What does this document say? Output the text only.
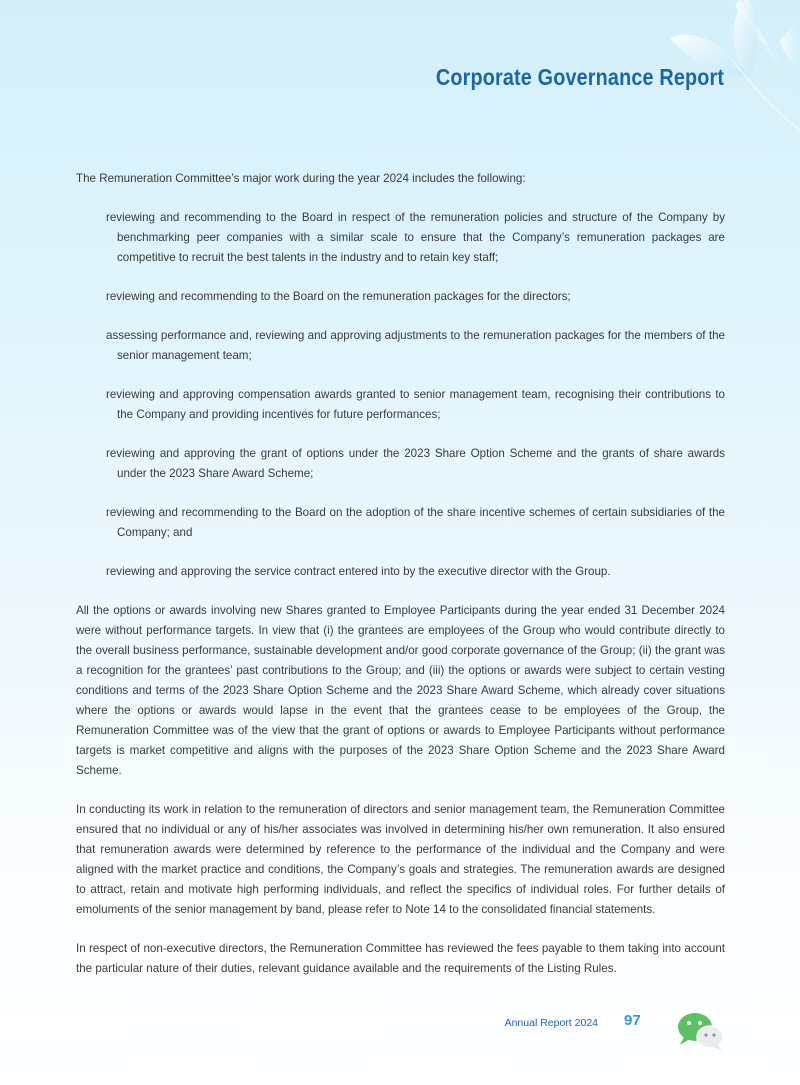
Corporate Governance Report

The Remuneration Committee’s major work during the year 2024 includes the following:

reviewing and recommending to the Board in respect of the remuneration policies and structure of the Company by benchmarking peer companies with a similar scale to ensure that the Company’s remuneration packages are competitive to recruit the best talents in the industry and to retain key staff;
reviewing and recommending to the Board on the remuneration packages for the directors;
assessing performance and, reviewing and approving adjustments to the remuneration packages for the members of the senior management team;
reviewing and approving compensation awards granted to senior management team, recognising their contributions to the Company and providing incentives for future performances;
reviewing and approving the grant of options under the 2023 Share Option Scheme and the grants of share awards under the 2023 Share Award Scheme;
reviewing and recommending to the Board on the adoption of the share incentive schemes of certain subsidiaries of the Company; and
reviewing and approving the service contract entered into by the executive director with the Group.

All the options or awards involving new Shares granted to Employee Participants during the year ended 31 December 2024 were without performance targets. In view that (i) the grantees are employees of the Group who would contribute directly to the overall business performance, sustainable development and/or good corporate governance of the Group; (ii) the grant was a recognition for the grantees’ past contributions to the Group; and (iii) the options or awards were subject to certain vesting conditions and terms of the 2023 Share Option Scheme and the 2023 Share Award Scheme, which already cover situations where the options or awards would lapse in the event that the grantees cease to be employees of the Group, the Remuneration Committee was of the view that the grant of options or awards to Employee Participants without performance targets is market competitive and aligns with the purposes of the 2023 Share Option Scheme and the 2023 Share Award Scheme.

In conducting its work in relation to the remuneration of directors and senior management team, the Remuneration Committee ensured that no individual or any of his/her associates was involved in determining his/her own remuneration. It also ensured that remuneration awards were determined by reference to the performance of the individual and the Company and were aligned with the market practice and conditions, the Company’s goals and strategies. The remuneration awards are designed to attract, retain and motivate high performing individuals, and reflect the specifics of individual roles. For further details of emoluments of the senior management by band, please refer to Note 14 to the consolidated financial statements.

In respect of non-executive directors, the Remuneration Committee has reviewed the fees payable to them taking into account the particular nature of their duties, relevant guidance available and the requirements of the Listing Rules.

Annual Report 2024 97
